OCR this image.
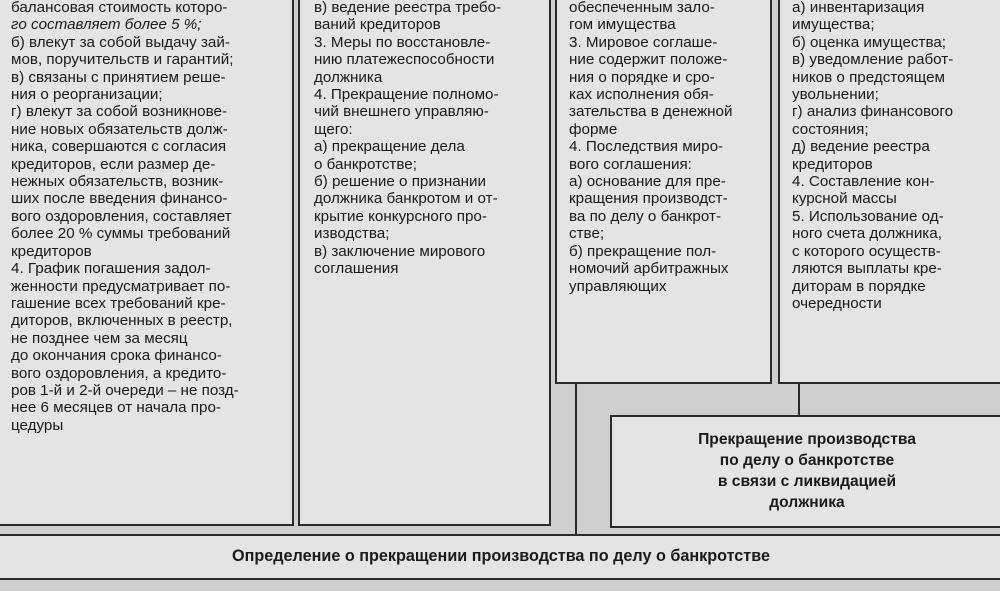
балансовая стоимость которо-
го составляет более 5 %;
б) влекут за собой выдачу зай-
мов, поручительств и гарантий;
в) связаны с принятием реше-
ния о реорганизации;
г) влекут за собой возникнове-
ние новых обязательств долж-
ника, совершаются с согласия
кредиторов, если размер де-
нежных обязательств, возник-
ших после введения финансо-
вого оздоровления, составляет
более 20 % суммы требований
кредиторов
4. График погашения задол-
женности предусматривает по-
гашение всех требований кре-
диторов, включенных в реестр,
не позднее чем за месяц
до окончания срока финансо-
вого оздоровления, а кредито-
ров 1-й и 2-й очереди – не позд-
нее 6 месяцев от начала про-
цедуры
в) ведение реестра требо-
ваний кредиторов
3. Меры по восстановле-
нию платежеспособности
должника
4. Прекращение полномо-
чий внешнего управляю-
щего:
а) прекращение дела
о банкротстве;
б) решение о признании
должника банкротом и от-
крытие конкурсного про-
изводства;
в) заключение мирового
соглашения
обеспеченным зало-
гом имущества
3. Мировое соглаше-
ние содержит положе-
ния о порядке и сро-
ках исполнения обя-
зательства в денежной
форме
4. Последствия миро-
вого соглашения:
а) основание для пре-
кращения производст-
ва по делу о банкрот-
стве;
б) прекращение пол-
номочий арбитражных
управляющих
а) инвентаризация
имущества;
б) оценка имущества;
в) уведомление работ-
ников о предстоящем
увольнении;
г) анализ финансового
состояния;
д) ведение реестра
кредиторов
4. Составление кон-
курсной массы
5. Использование од-
ного счета должника,
с которого осуществ-
ляются выплаты кре-
диторам в порядке
очередности
Прекращение производства
по делу о банкротстве
в связи с ликвидацией
должника
Определение о прекращении производства по делу о банкротстве
